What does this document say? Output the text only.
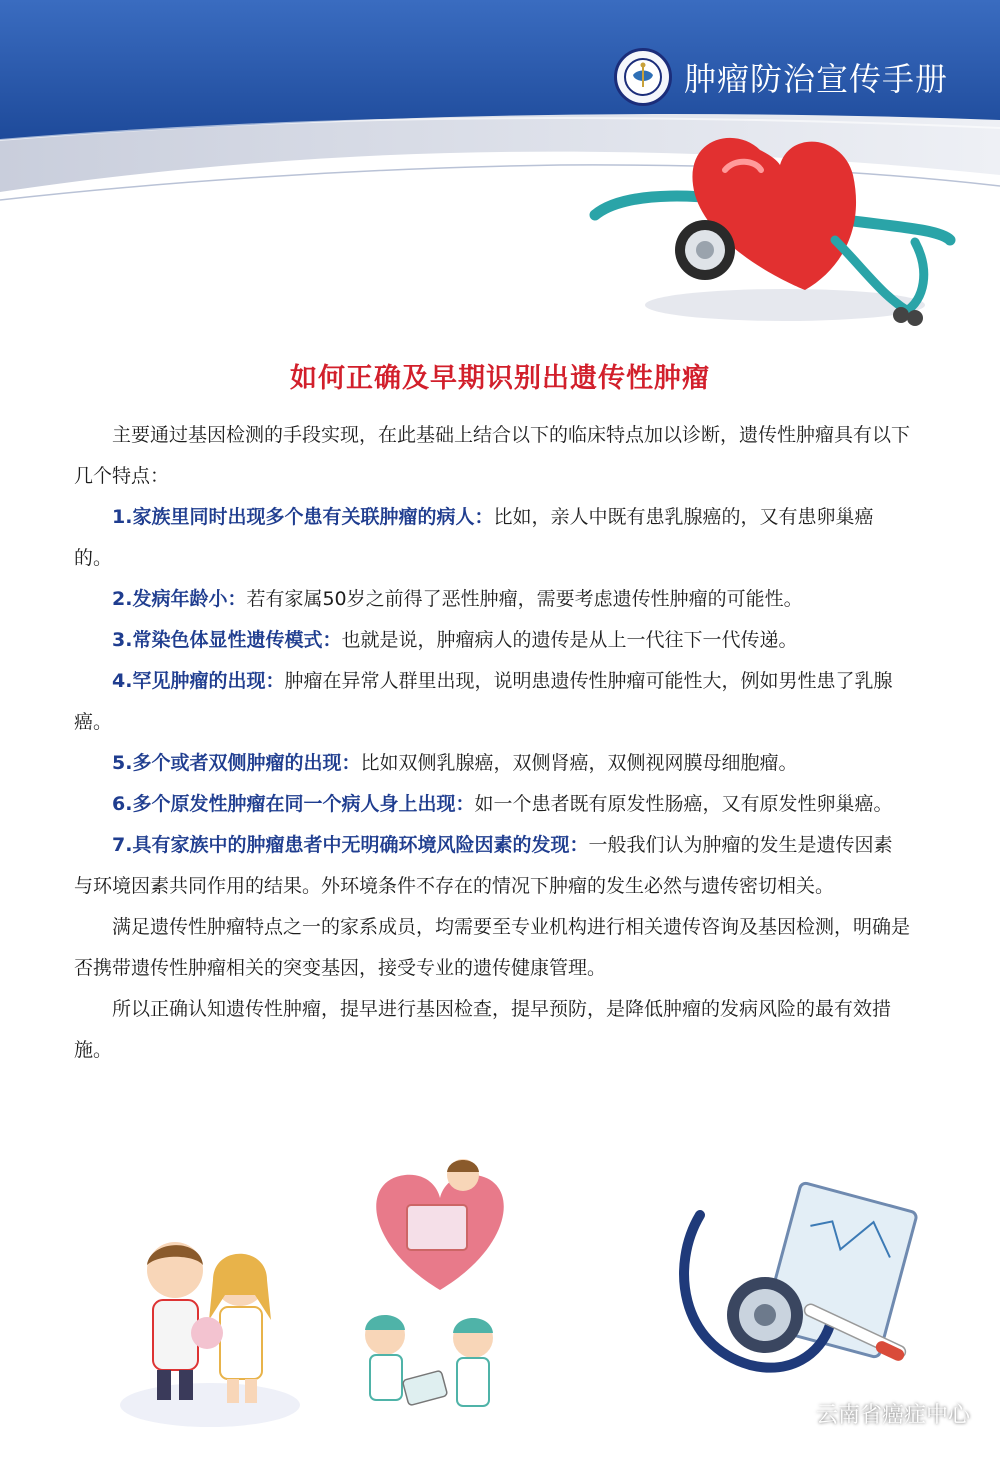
肿瘤防治宣传手册
如何正确及早期识别出遗传性肿瘤

主要通过基因检测的手段实现，在此基础上结合以下的临床特点加以诊断，遗传性肿瘤具有以下几个特点：

1.家族里同时出现多个患有关联肿瘤的病人：比如，亲人中既有患乳腺癌的，又有患卵巢癌的。

2.发病年龄小：若有家属50岁之前得了恶性肿瘤，需要考虑遗传性肿瘤的可能性。

3.常染色体显性遗传模式：也就是说，肿瘤病人的遗传是从上一代往下一代传递。

4.罕见肿瘤的出现：肿瘤在异常人群里出现，说明患遗传性肿瘤可能性大，例如男性患了乳腺癌。

5.多个或者双侧肿瘤的出现：比如双侧乳腺癌，双侧肾癌，双侧视网膜母细胞瘤。

6.多个原发性肿瘤在同一个病人身上出现：如一个患者既有原发性肠癌，又有原发性卵巢癌。

7.具有家族中的肿瘤患者中无明确环境风险因素的发现：一般我们认为肿瘤的发生是遗传因素与环境因素共同作用的结果。外环境条件不存在的情况下肿瘤的发生必然与遗传密切相关。

满足遗传性肿瘤特点之一的家系成员，均需要至专业机构进行相关遗传咨询及基因检测，明确是否携带遗传性肿瘤相关的突变基因，接受专业的遗传健康管理。

所以正确认知遗传性肿瘤，提早进行基因检查，提早预防，是降低肿瘤的发病风险的最有效措施。

云南省癌症中心
